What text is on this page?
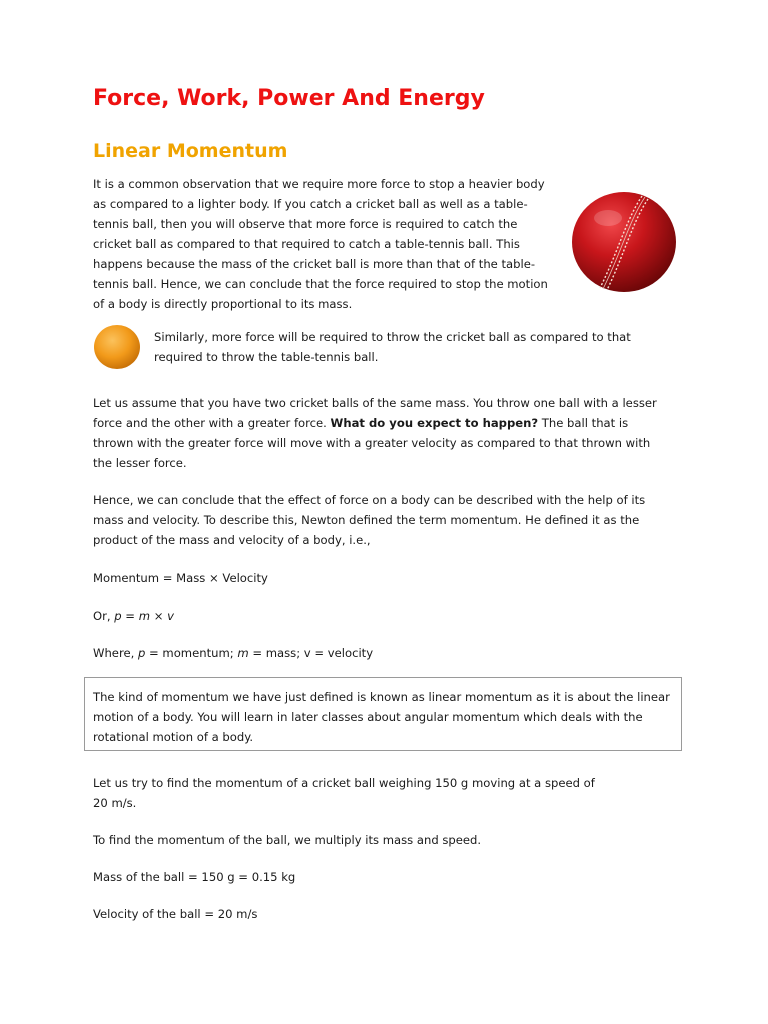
Force, Work, Power And Energy
Linear Momentum

It is a common observation that we require more force to stop a heavier body
as compared to a lighter body. If you catch a cricket ball as well as a table-
tennis ball, then you will observe that more force is required to catch the
cricket ball as compared to that required to catch a table-tennis ball. This
happens because the mass of the cricket ball is more than that of the table-
tennis ball. Hence, we can conclude that the force required to stop the motion
of a body is directly proportional to its mass.

Similarly, more force will be required to throw the cricket ball as compared to that
required to throw the table-tennis ball.

Let us assume that you have two cricket balls of the same mass. You throw one ball with a lesser
force and the other with a greater force. What do you expect to happen? The ball that is
thrown with the greater force will move with a greater velocity as compared to that thrown with
the lesser force.

Hence, we can conclude that the effect of force on a body can be described with the help of its
mass and velocity. To describe this, Newton defined the term momentum. He defined it as the
product of the mass and velocity of a body, i.e.,

Momentum = Mass × Velocity

Or, p = m × v

Where, p = momentum; m = mass; v = velocity

The kind of momentum we have just defined is known as linear momentum as it is about the linear
motion of a body. You will learn in later classes about angular momentum which deals with the
rotational motion of a body.

Let us try to find the momentum of a cricket ball weighing 150 g moving at a speed of
20 m/s.

To find the momentum of the ball, we multiply its mass and speed.

Mass of the ball = 150 g = 0.15 kg

Velocity of the ball = 20 m/s
